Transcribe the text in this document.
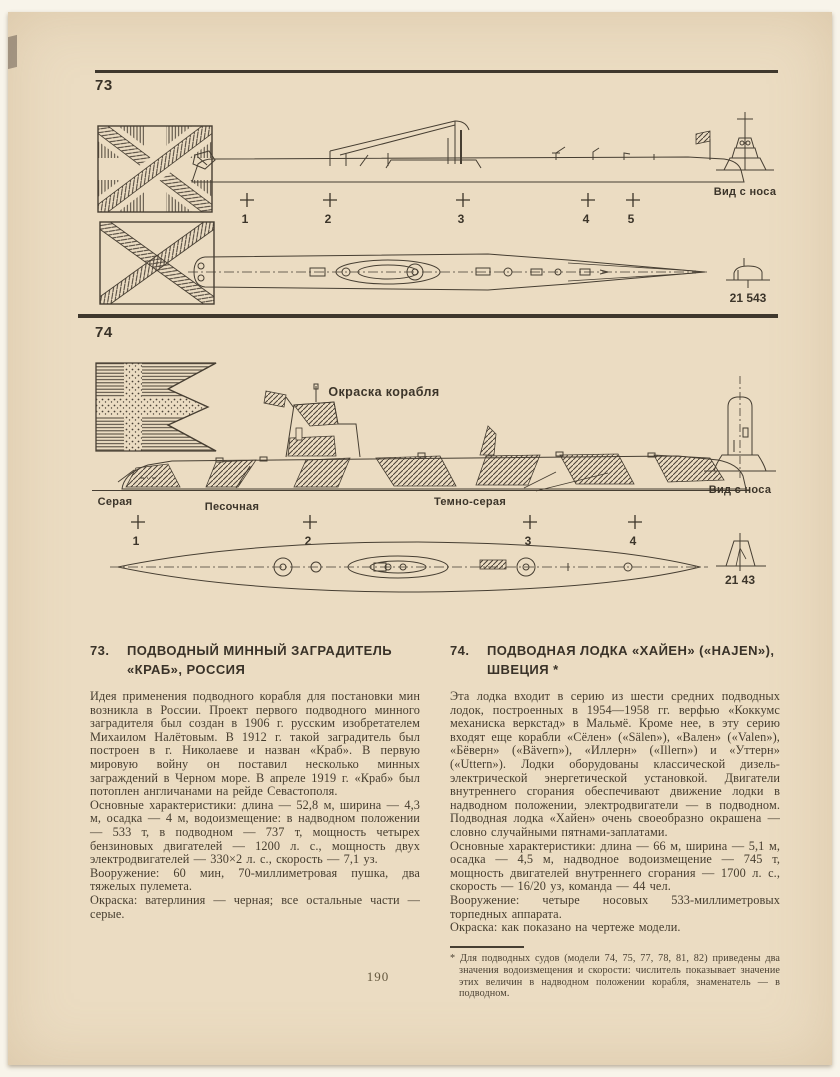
73
1	2	3	4	5
Вид с носа
21 543
74
Окраска корабля
Серая	Песочная	Темно-серая
1	2	3	4
Вид с носа
21 43
73.	ПОДВОДНЫЙ МИННЫЙ ЗАГРАДИТЕЛЬ
«КРАБ», РОССИЯ

Идея применения подводного корабля для постановки мин возникла в России. Проект первого подводного минного заградителя был создан в 1906 г. русским изобретателем Михаилом Налётовым. В 1912 г. такой заградитель был построен в г. Николаеве и назван «Краб». В первую мировую войну он поставил несколько минных заграждений в Черном море. В апреле 1919 г. «Краб» был потоплен англичанами на рейде Севастополя.

Основные характеристики: длина — 52,8 м, ширина — 4,3 м, осадка — 4 м, водоизмещение: в надводном положении — 533 т, в подводном — 737 т, мощность четырех бензиновых двигателей — 1200 л. с., мощность двух электродвигателей — 330×2 л. с., скорость — 7,1 уз.

Вооружение: 60 мин, 70-миллиметровая пушка, два тяжелых пулемета.

Окраска: ватерлиния — черная; все остальные части — серые.

74.	ПОДВОДНАЯ ЛОДКА «ХАЙЕН» («HAJEN»),
ШВЕЦИЯ *

Эта лодка входит в серию из шести средних подводных лодок, построенных в 1954—1958 гг. верфью «Коккумс механиска веркстад» в Мальмё. Кроме нее, в эту серию входят еще корабли «Сёлен» («Sälen»), «Вален» («Valen»), «Бёверн» («Bävern»), «Иллерн» («Illern») и «Уттерн» («Uttern»). Лодки оборудованы классической дизель-электрической энергетической установкой. Двигатели внутреннего сгорания обеспечивают движение лодки в надводном положении, электродвигатели — в подводном. Подводная лодка «Хайен» очень своеобразно окрашена — словно случайными пятнами-заплатами.

Основные характеристики: длина — 66 м, ширина — 5,1 м, осадка — 4,5 м, надводное водоизмещение — 745 т, мощность двигателей внутреннего сгорания — 1700 л. с., скорость — 16/20 уз, команда — 44 чел.

Вооружение: четыре носовых 533-миллиметровых торпедных аппарата.

Окраска: как показано на чертеже модели.

* Для подводных судов (модели 74, 75, 77, 78, 81, 82) приведены два значения водоизмещения и скорости: числитель показывает значение этих величин в надводном положении корабля, знаменатель — в подводном.

190
